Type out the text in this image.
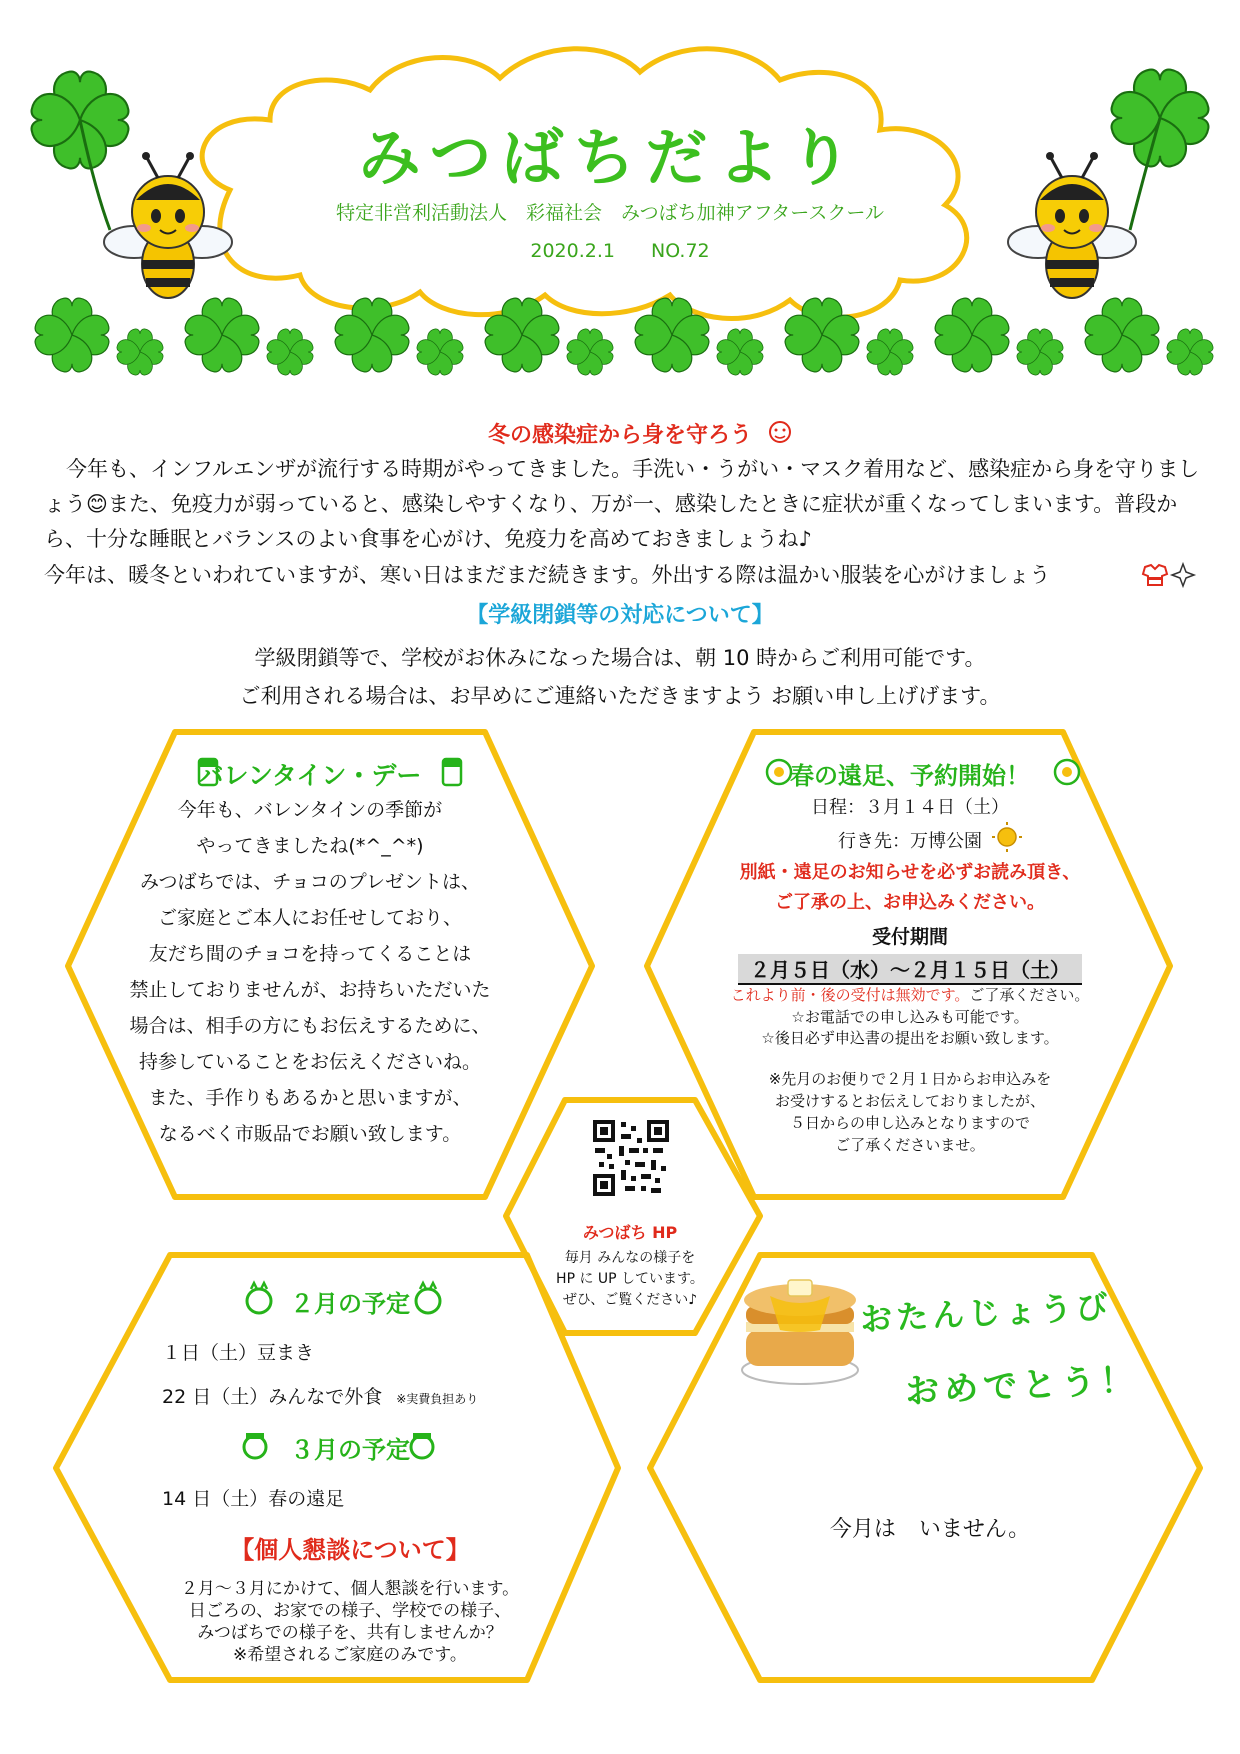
みつばちだより
特定非営利活動法人　彩福社会　みつばち加神アフタースクール
2020.2.1 NO.72
冬の感染症から身を守ろう
今年も、インフルエンザが流行する時期がやってきました。手洗い・うがい・マスク着用など、感染症から身を守りましょう😊また、免疫力が弱っていると、感染しやすくなり、万が一、感染したときに症状が重くなってしまいます。普段から、十分な睡眠とバランスのよい食事を心がけ、免疫力を高めておきましょうね♪
今年は、暖冬といわれていますが、寒い日はまだまだ続きます。外出する際は温かい服装を心がけましょう
【学級閉鎖等の対応について】
学級閉鎖等で、学校がお休みになった場合は、朝 10 時からご利用可能です。
ご利用される場合は、お早めにご連絡いただきますよう お願い申し上げげます。
バレンタイン・デー
今年も、バレンタインの季節が
やってきましたね(*^_^*)
みつばちでは、チョコのプレゼントは、
ご家庭とご本人にお任せしており、
友だち間のチョコを持ってくることは
禁止しておりませんが、お持ちいただいた
場合は、相手の方にもお伝えするために、
持参していることをお伝えくださいね。
また、手作りもあるかと思いますが、
なるべく市販品でお願い致します。
春の遠足、予約開始！
日程：３月１４日（土）
行き先：万博公園
別紙・遠足のお知らせを必ずお読み頂き、
ご了承の上、お申込みください。
受付期間
２月５日（水）～２月１５日（土）
これより前・後の受付は無効です。ご了承ください。
☆お電話での申し込みも可能です。
☆後日必ず申込書の提出をお願い致します。
※先月のお便りで２月１日からお申込みを
お受けするとお伝えしておりましたが、
５日からの申し込みとなりますので
ご了承くださいませ。
みつばち HP
毎月 みんなの様子を
HP に UP しています。
ぜひ、ご覧ください♪
２月の予定
１日（土）豆まき
22 日（土）みんなで外食 ※実費負担あり
３月の予定
14 日（土）春の遠足
【個人懇談について】
２月～３月にかけて、個人懇談を行います。
日ごろの、お家での様子、学校での様子、
みつばちでの様子を、共有しませんか？
※希望されるご家庭のみです。
おたんじょうび
おめでとう！
今月は いません。
